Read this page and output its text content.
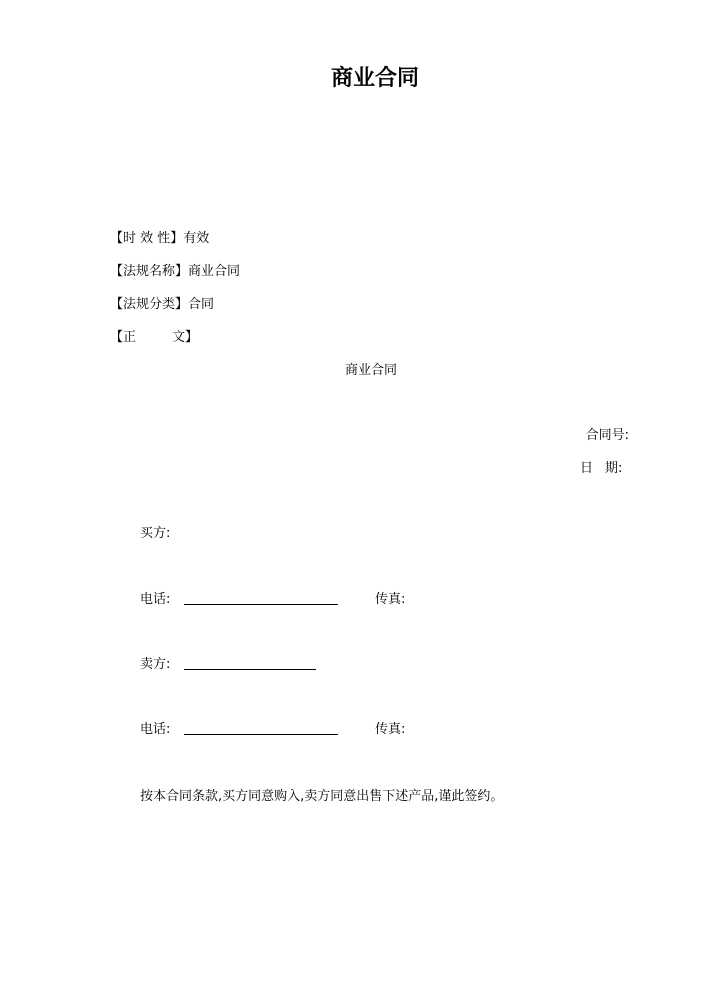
商业合同
【时 效 性】有效
【法规名称】商业合同
【法规分类】合同
【正	文】
商业合同
合同号:
日 期:
买方:
电话:	传真:
卖方:
电话:	传真:
按本合同条款,买方同意购入,卖方同意出售下述产品,谨此签约。
